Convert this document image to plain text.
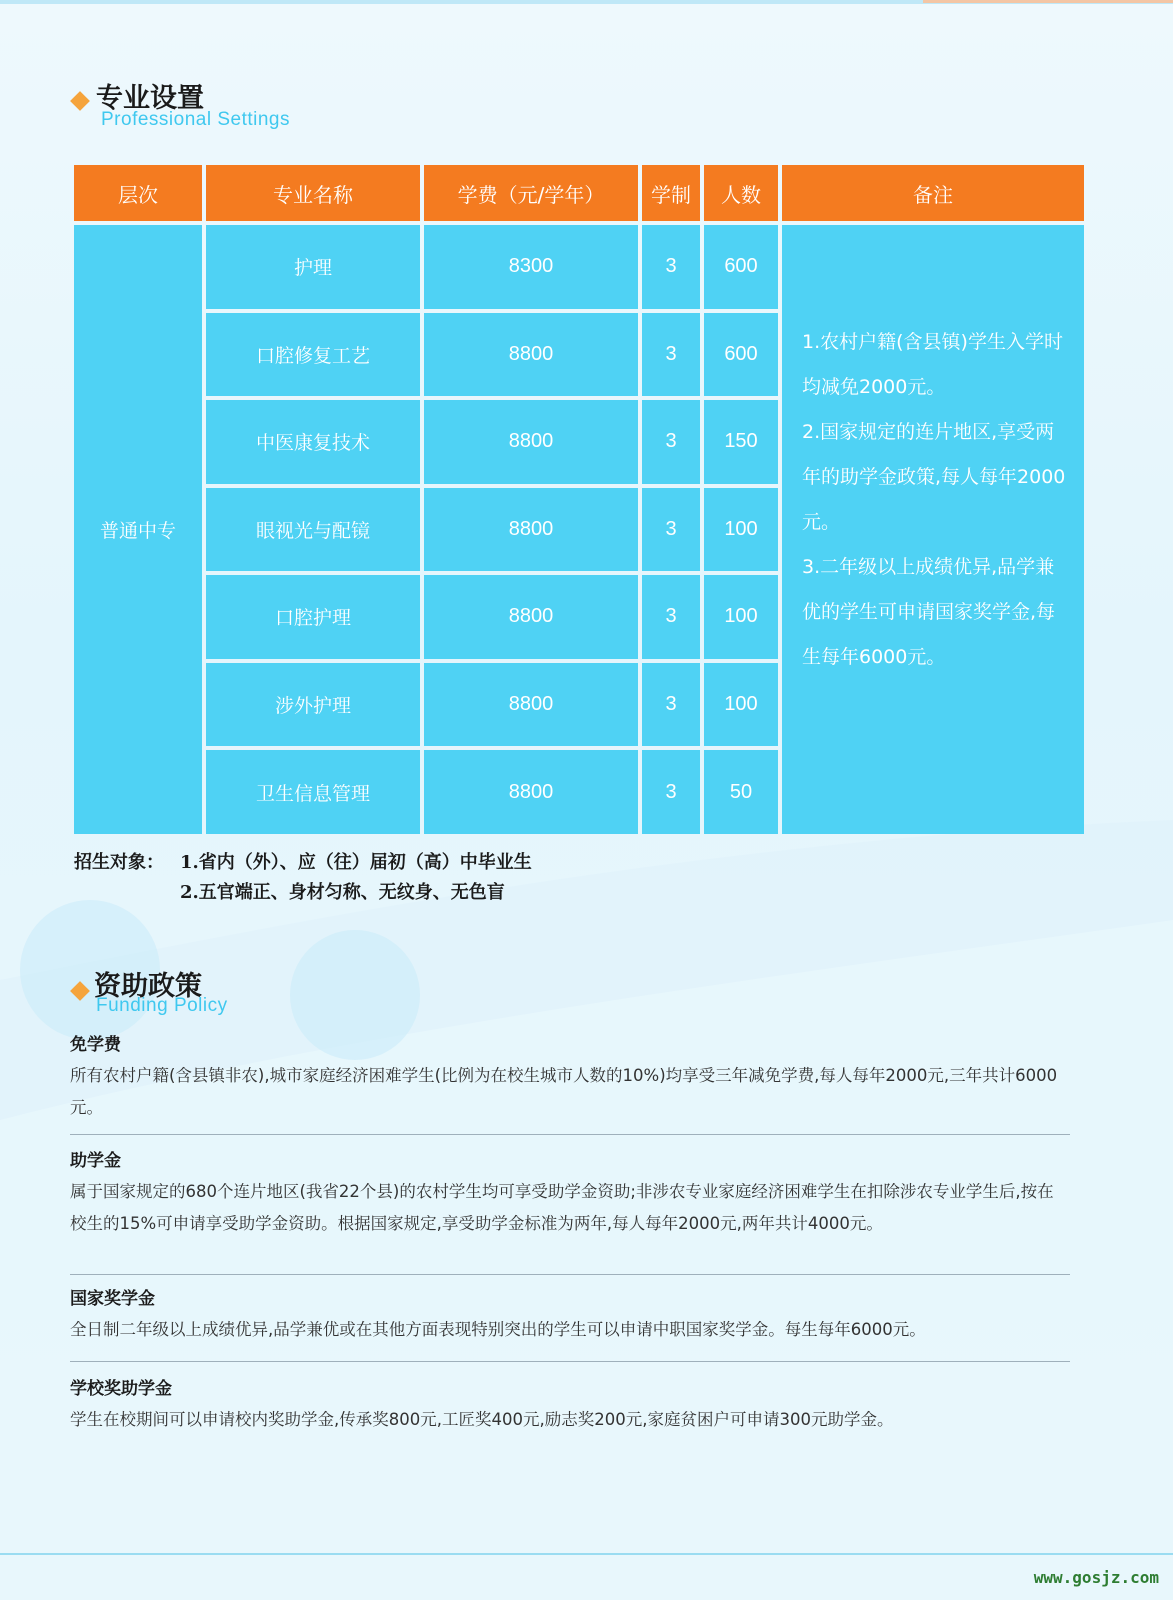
专业设置
Professional Settings
层次	专业名称	学费（元/学年）	学制	人数	备注
普通中专	护理	8300	3	600	1.农村户籍(含县镇)学生入学时均减免2000元。
2.国家规定的连片地区,享受两年的助学金政策,每人每年2000元。
3.二年级以上成绩优异,品学兼优的学生可申请国家奖学金,每生每年6000元。

	口腔修复工艺	8800	3	600	
	中医康复技术	8800	3	150	
	眼视光与配镜	8800	3	100	
	口腔护理	8800	3	100	
	涉外护理	8800	3	100	
	卫生信息管理	8800	3	50	
招生对象： 1.省内（外）、应（往）届初（高）中毕业生
2.五官端正、身材匀称、无纹身、无色盲
资助政策
Funding Policy
免学费
所有农村户籍(含县镇非农),城市家庭经济困难学生(比例为在校生城市人数的10%)均享受三年减免学费,每人每年2000元,三年共计6000元。
助学金
属于国家规定的680个连片地区(我省22个县)的农村学生均可享受助学金资助;非涉农专业家庭经济困难学生在扣除涉农专业学生后,按在校生的15%可申请享受助学金资助。根据国家规定,享受助学金标准为两年,每人每年2000元,两年共计4000元。
国家奖学金
全日制二年级以上成绩优异,品学兼优或在其他方面表现特别突出的学生可以申请中职国家奖学金。每生每年6000元。
学校奖助学金
学生在校期间可以申请校内奖助学金,传承奖800元,工匠奖400元,励志奖200元,家庭贫困户可申请300元助学金。
www.gosjz.com
